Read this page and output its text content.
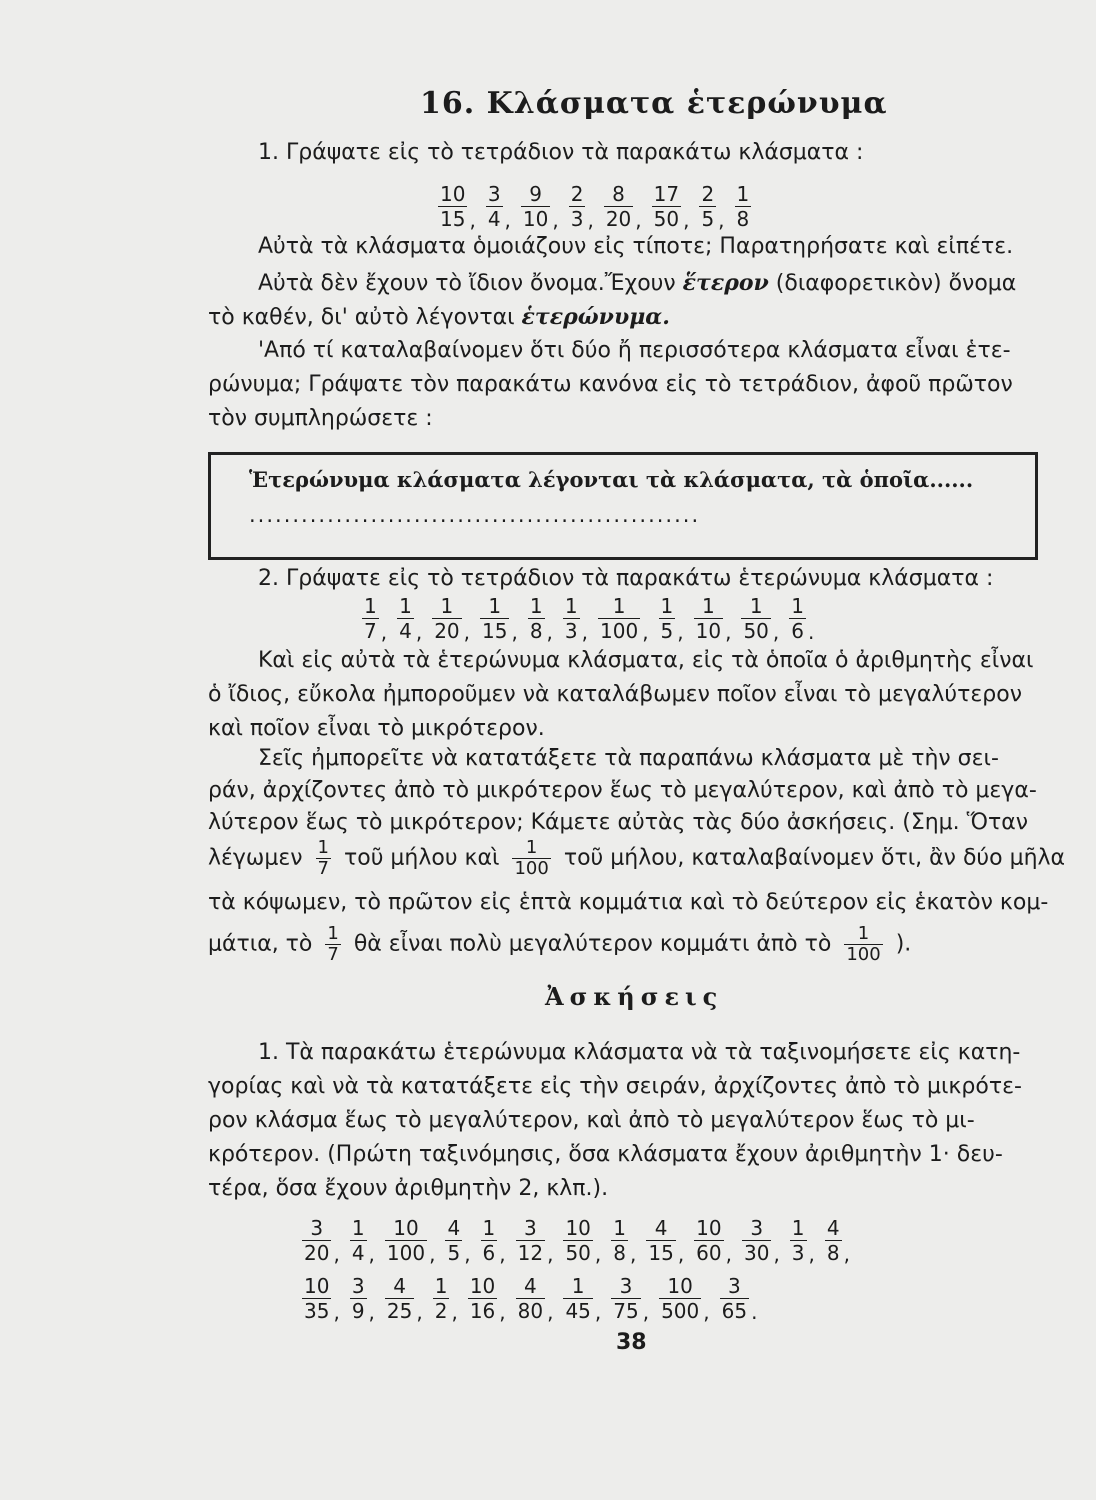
16. Κλάσματα ἑτερώνυμα
1. Γράψατε εἰς τὸ τετράδιον τὰ παρακάτω κλάσματα :
$\frac{10}{15}$ , $\frac{3}{4}$ , $\frac{9}{10}$ , $\frac{2}{3}$ , $\frac{8}{20}$ , $\frac{17}{50}$ , $\frac{2}{5}$ , $\frac{1}{8}$
Αὐτὰ τὰ κλάσματα ὁμοιάζουν εἰς τίποτε; Παρατηρήσατε καὶ εἰπέτε.
Αὐτὰ δὲν ἔχουν τὸ ἴδιον ὄνομα.Ἔχουν ἕτερον (διαφορετικὸν) ὄνομα
τὸ καθέν, δι' αὐτὸ λέγονται ἑτερώνυμα.
'Από τί καταλαβαίνομεν ὅτι δύο ἤ περισσότερα κλάσματα εἶναι ἑτε-
ρώνυμα; Γράψατε τὸν παρακάτω κανόνα εἰς τὸ τετράδιον, ἀφοῦ πρῶτον
τὸν συμπληρώσετε :
Ἑτερώνυμα κλάσματα λέγονται τὰ κλάσματα, τὰ ὁποῖα......
....................................................
2. Γράψατε εἰς τὸ τετράδιον τὰ παρακάτω ἑτερώνυμα κλάσματα :
$\frac{1}{7}$ , $\frac{1}{4}$ , $\frac{1}{20}$ , $\frac{1}{15}$ , $\frac{1}{8}$ , $\frac{1}{3}$ , $\frac{1}{100}$ , $\frac{1}{5}$ , $\frac{1}{10}$ , $\frac{1}{50}$ , $\frac{1}{6}$ .
Καὶ εἰς αὐτὰ τὰ ἑτερώνυμα κλάσματα, εἰς τὰ ὁποῖα ὁ ἀριθμητὴς εἶναι
ὁ ἴδιος, εὔκολα ἠμποροῦμεν νὰ καταλάβωμεν ποῖον εἶναι τὸ μεγαλύτερον
καὶ ποῖον εἶναι τὸ μικρότερον.
Σεῖς ἠμπορεῖτε νὰ κατατάξετε τὰ παραπάνω κλάσματα μὲ τὴν σει-
ράν, ἀρχίζοντες ἀπὸ τὸ μικρότερον ἕως τὸ μεγαλύτερον, καὶ ἀπὸ τὸ μεγα-
λύτερον ἕως τὸ μικρότερον; Κάμετε αὐτὰς τὰς δύο ἀσκήσεις. (Σημ. Ὅταν
λέγωμεν $\frac{1}{7}$ τοῦ μήλου καὶ $\frac{1}{100}$ τοῦ μήλου, καταλαβαίνομεν ὅτι, ἂν δύο μῆλα
τὰ κόψωμεν, τὸ πρῶτον εἰς ἑπτὰ κομμάτια καὶ τὸ δεύτερον εἰς ἑκατὸν κομ-
μάτια, τὸ $\frac{1}{7}$ θὰ εἶναι πολὺ μεγαλύτερον κομμάτι ἀπὸ τὸ $\frac{1}{100}$ ).
Ἀσκήσεις
1. Τὰ παρακάτω ἑτερώνυμα κλάσματα νὰ τὰ ταξινομήσετε εἰς κατη-
γορίας καὶ νὰ τὰ κατατάξετε εἰς τὴν σειράν, ἀρχίζοντες ἀπὸ τὸ μικρότε-
ρον κλάσμα ἕως τὸ μεγαλύτερον, καὶ ἀπὸ τὸ μεγαλύτερον ἕως τὸ μι-
κρότερον. (Πρώτη ταξινόμησις, ὅσα κλάσματα ἔχουν ἀριθμητὴν 1· δευ-
τέρα, ὅσα ἔχουν ἀριθμητὴν 2, κλπ.).
$\frac{3}{20}$ , $\frac{1}{4}$ , $\frac{10}{100}$ , $\frac{4}{5}$ , $\frac{1}{6}$ , $\frac{3}{12}$ , $\frac{10}{50}$ , $\frac{1}{8}$ , $\frac{4}{15}$ , $\frac{10}{60}$ , $\frac{3}{30}$ , $\frac{1}{3}$ , $\frac{4}{8}$ ,
$\frac{10}{35}$ , $\frac{3}{9}$ , $\frac{4}{25}$ , $\frac{1}{2}$ , $\frac{10}{16}$ , $\frac{4}{80}$ , $\frac{1}{45}$ , $\frac{3}{75}$ , $\frac{10}{500}$ , $\frac{3}{65}$ .
38
